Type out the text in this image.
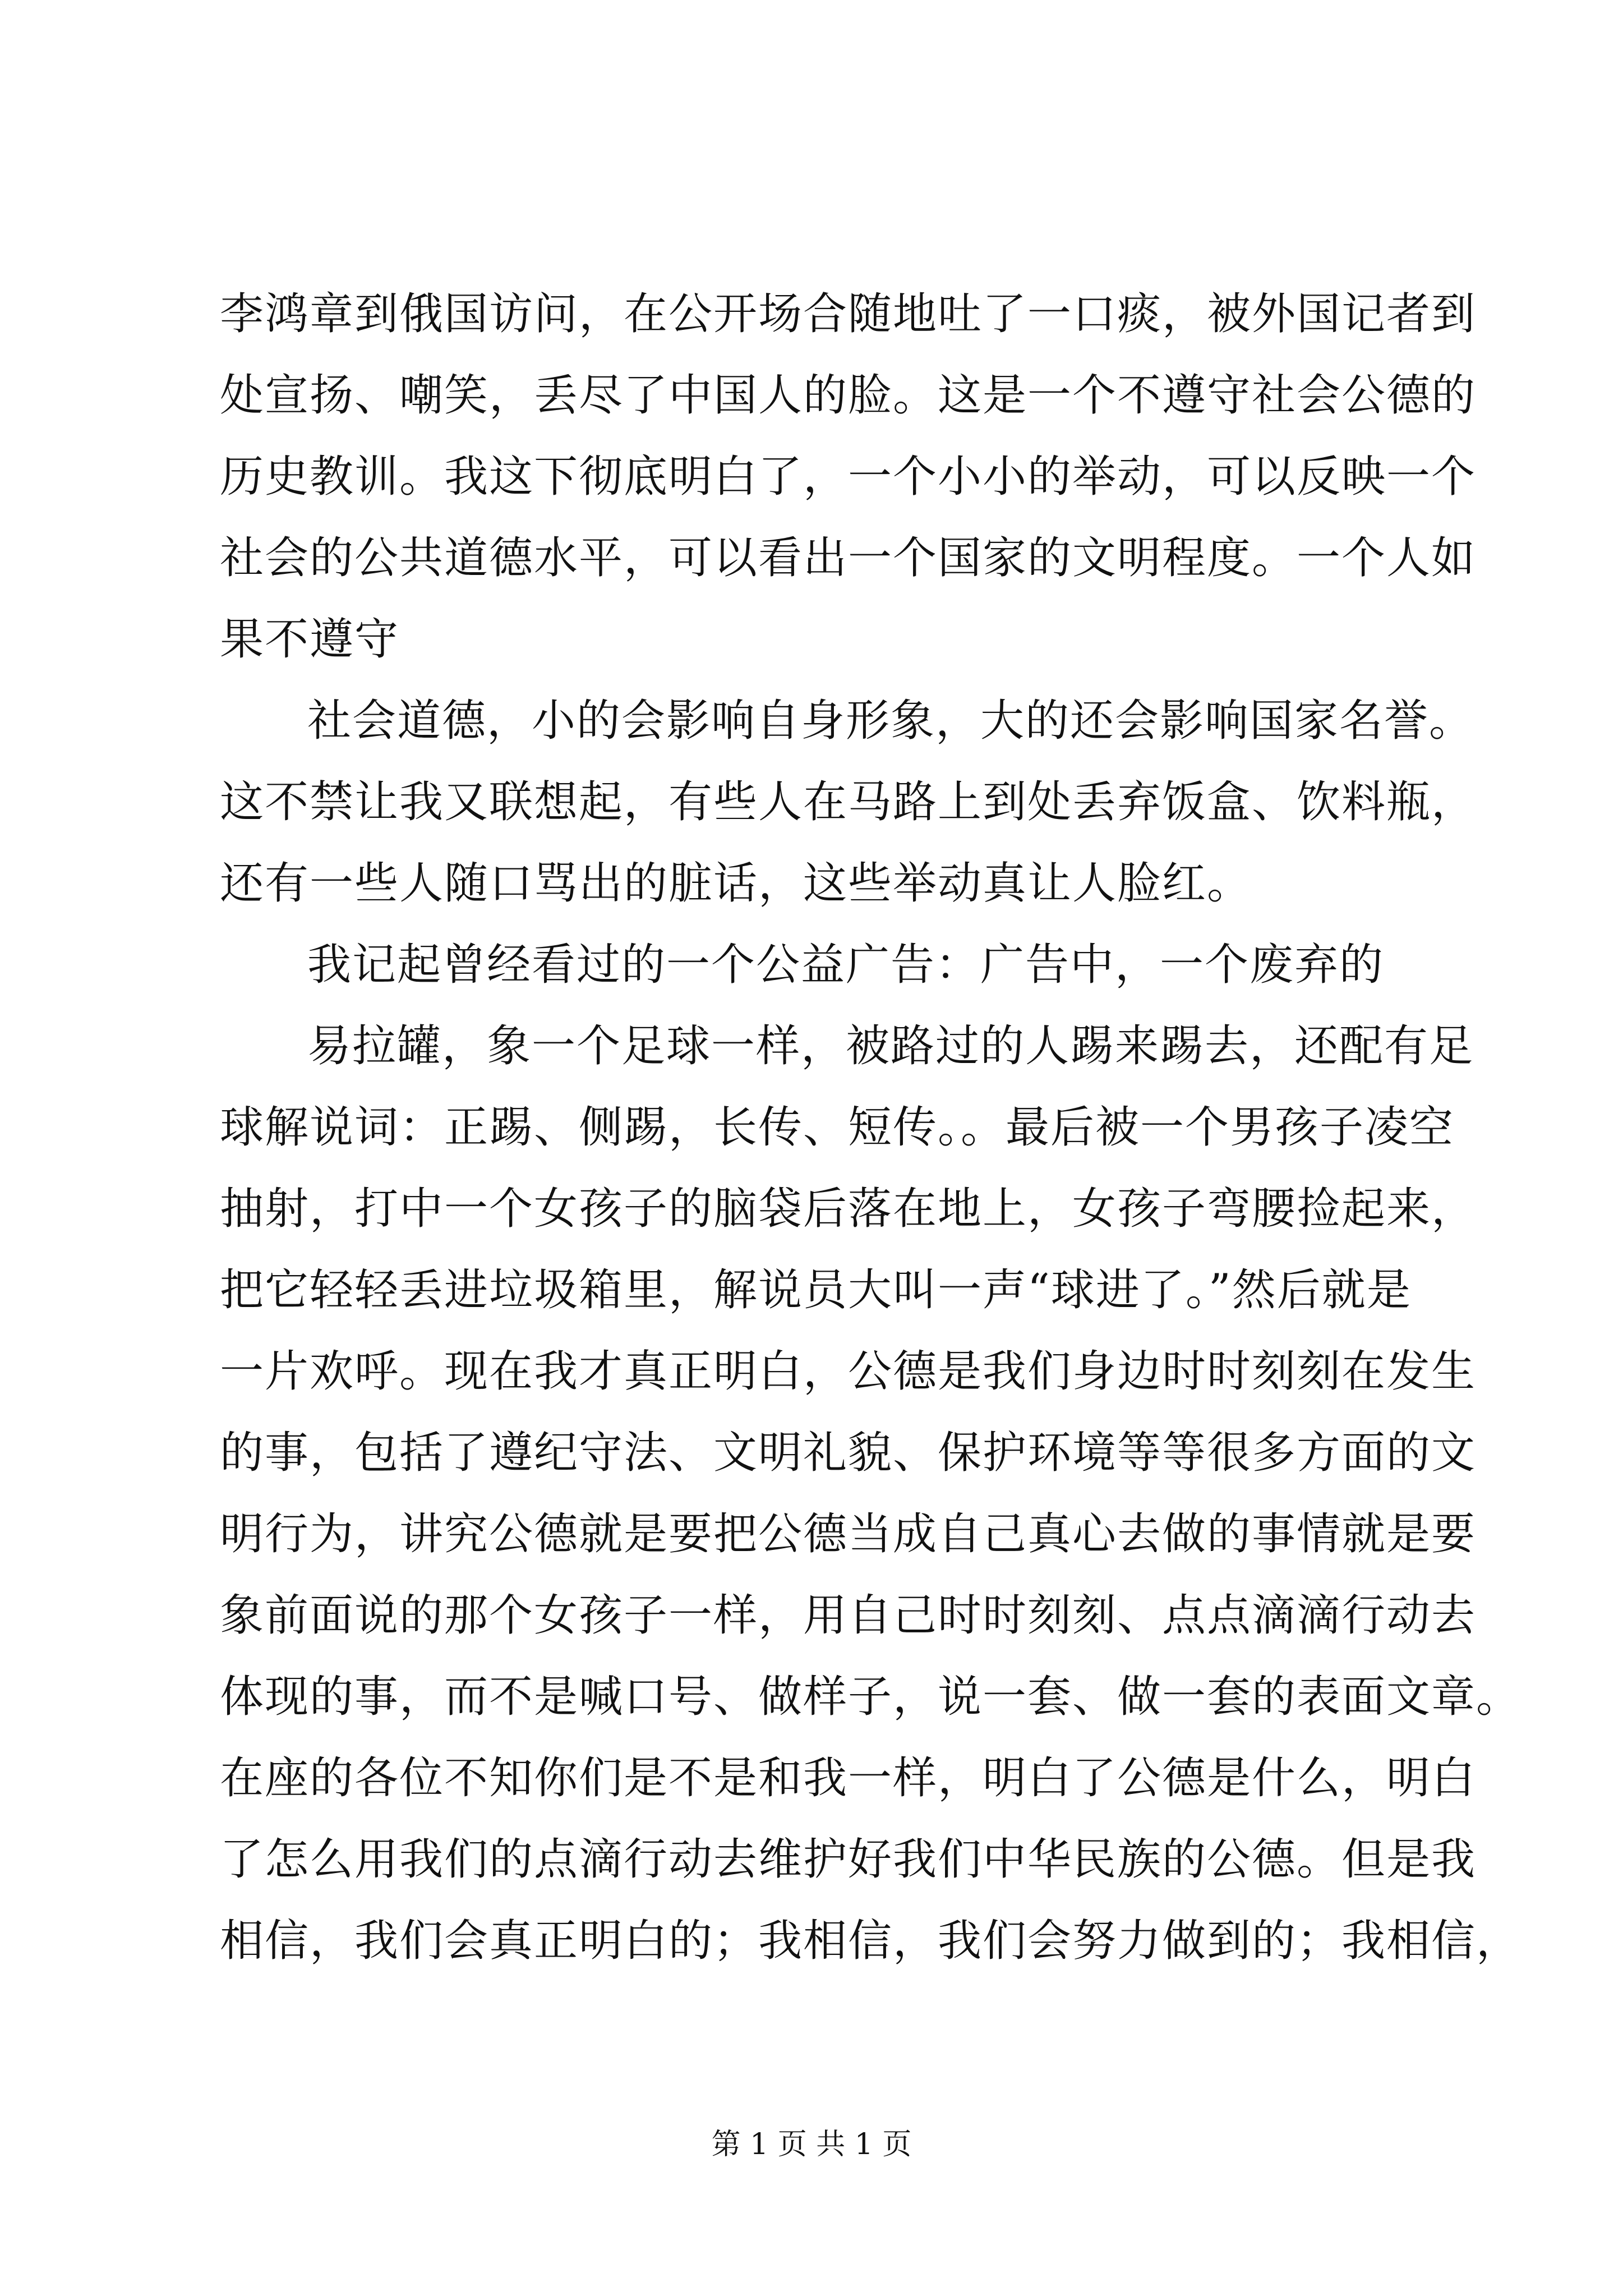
李鸿章到俄国访问，在公开场合随地吐了一口痰，被外国记者到
处宣扬、嘲笑，丢尽了中国人的脸。这是一个不遵守社会公德的
历史教训。我这下彻底明白了，一个小小的举动，可以反映一个
社会的公共道德水平，可以看出一个国家的文明程度。一个人如
果不遵守
社会道德，小的会影响自身形象，大的还会影响国家名誉。
这不禁让我又联想起，有些人在马路上到处丢弃饭盒、饮料瓶，
还有一些人随口骂出的脏话，这些举动真让人脸红。
我记起曾经看过的一个公益广告：广告中，一个废弃的
易拉罐，象一个足球一样，被路过的人踢来踢去，还配有足
球解说词：正踢、侧踢，长传、短传。。最后被一个男孩子凌空
抽射，打中一个女孩子的脑袋后落在地上，女孩子弯腰捡起来，
把它轻轻丢进垃圾箱里，解说员大叫一声“球进了。”然后就是
一片欢呼。现在我才真正明白，公德是我们身边时时刻刻在发生
的事，包括了遵纪守法、文明礼貌、保护环境等等很多方面的文
明行为，讲究公德就是要把公德当成自己真心去做的事情就是要
象前面说的那个女孩子一样，用自己时时刻刻、点点滴滴行动去
体现的事，而不是喊口号、做样子，说一套、做一套的表面文章。
在座的各位不知你们是不是和我一样，明白了公德是什么，明白
了怎么用我们的点滴行动去维护好我们中华民族的公德。但是我
相信，我们会真正明白的；我相信，我们会努力做到的；我相信，
第 1 页 共 1 页
